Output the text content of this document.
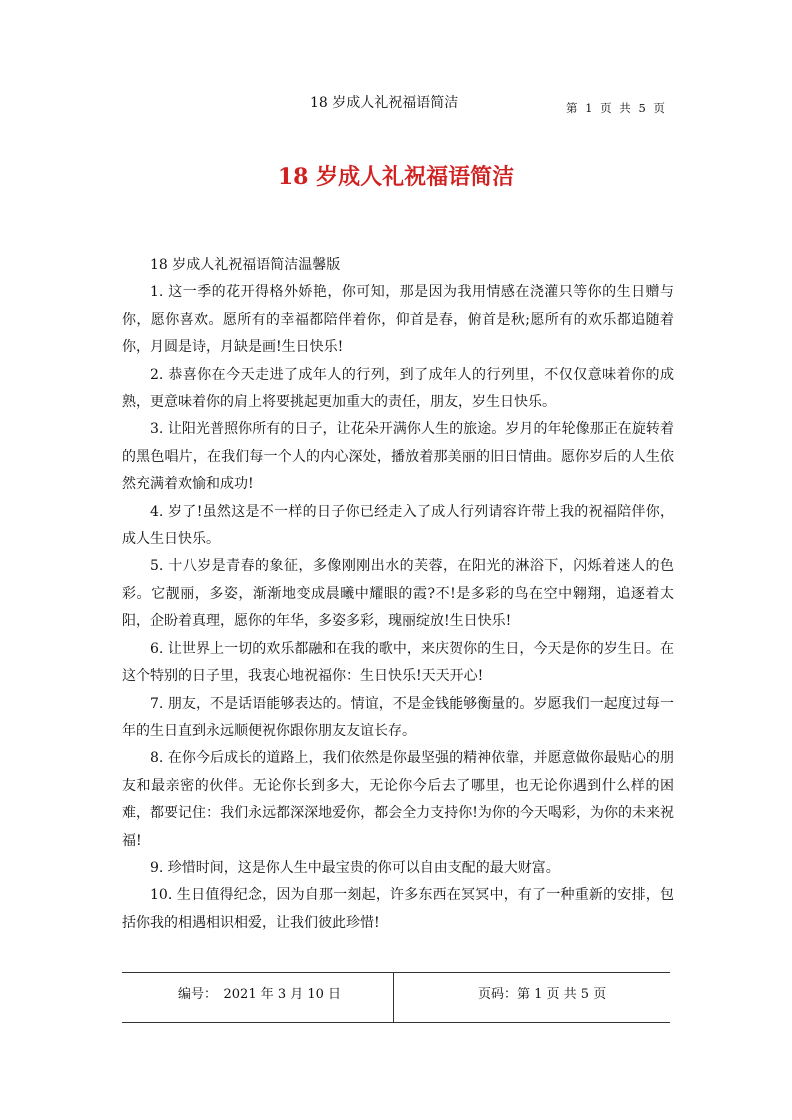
18 岁成人礼祝福语简洁	第 1 页 共 5 页
18 岁成人礼祝福语简洁

18 岁成人礼祝福语简洁温馨版

1. 这一季的花开得格外娇艳，你可知，那是因为我用情感在浇灌只等你的生日赠与你，愿你喜欢。愿所有的幸福都陪伴着你，仰首是春，俯首是秋;愿所有的欢乐都追随着你，月圆是诗，月缺是画!生日快乐!

2. 恭喜你在今天走进了成年人的行列，到了成年人的行列里，不仅仅意味着你的成熟，更意味着你的肩上将要挑起更加重大的责任，朋友，岁生日快乐。

3. 让阳光普照你所有的日子，让花朵开满你人生的旅途。岁月的年轮像那正在旋转着的黑色唱片，在我们每一个人的内心深处，播放着那美丽的旧日情曲。愿你岁后的人生依然充满着欢愉和成功!

4. 岁了!虽然这是不一样的日子你已经走入了成人行列请容许带上我的祝福陪伴你，成人生日快乐。

5. 十八岁是青春的象征，多像刚刚出水的芙蓉，在阳光的淋浴下，闪烁着迷人的色彩。它靓丽，多姿，渐渐地变成晨曦中耀眼的霞?不!是多彩的鸟在空中翱翔，追逐着太阳，企盼着真理，愿你的年华，多姿多彩，瑰丽绽放!生日快乐!

6. 让世界上一切的欢乐都融和在我的歌中，来庆贺你的生日，今天是你的岁生日。在这个特别的日子里，我衷心地祝福你：生日快乐!天天开心!

7. 朋友，不是话语能够表达的。情谊，不是金钱能够衡量的。岁愿我们一起度过每一年的生日直到永远顺便祝你跟你朋友友谊长存。

8. 在你今后成长的道路上，我们依然是你最坚强的精神依靠，并愿意做你最贴心的朋友和最亲密的伙伴。无论你长到多大，无论你今后去了哪里，也无论你遇到什么样的困难，都要记住：我们永远都深深地爱你，都会全力支持你!为你的今天喝彩，为你的未来祝福!

9. 珍惜时间，这是你人生中最宝贵的你可以自由支配的最大财富。

10. 生日值得纪念，因为自那一刻起，许多东西在冥冥中，有了一种重新的安排，包括你我的相遇相识相爱，让我们彼此珍惜!

编号：　2021 年 3 月 10 日	页码：第 1 页 共 5 页
